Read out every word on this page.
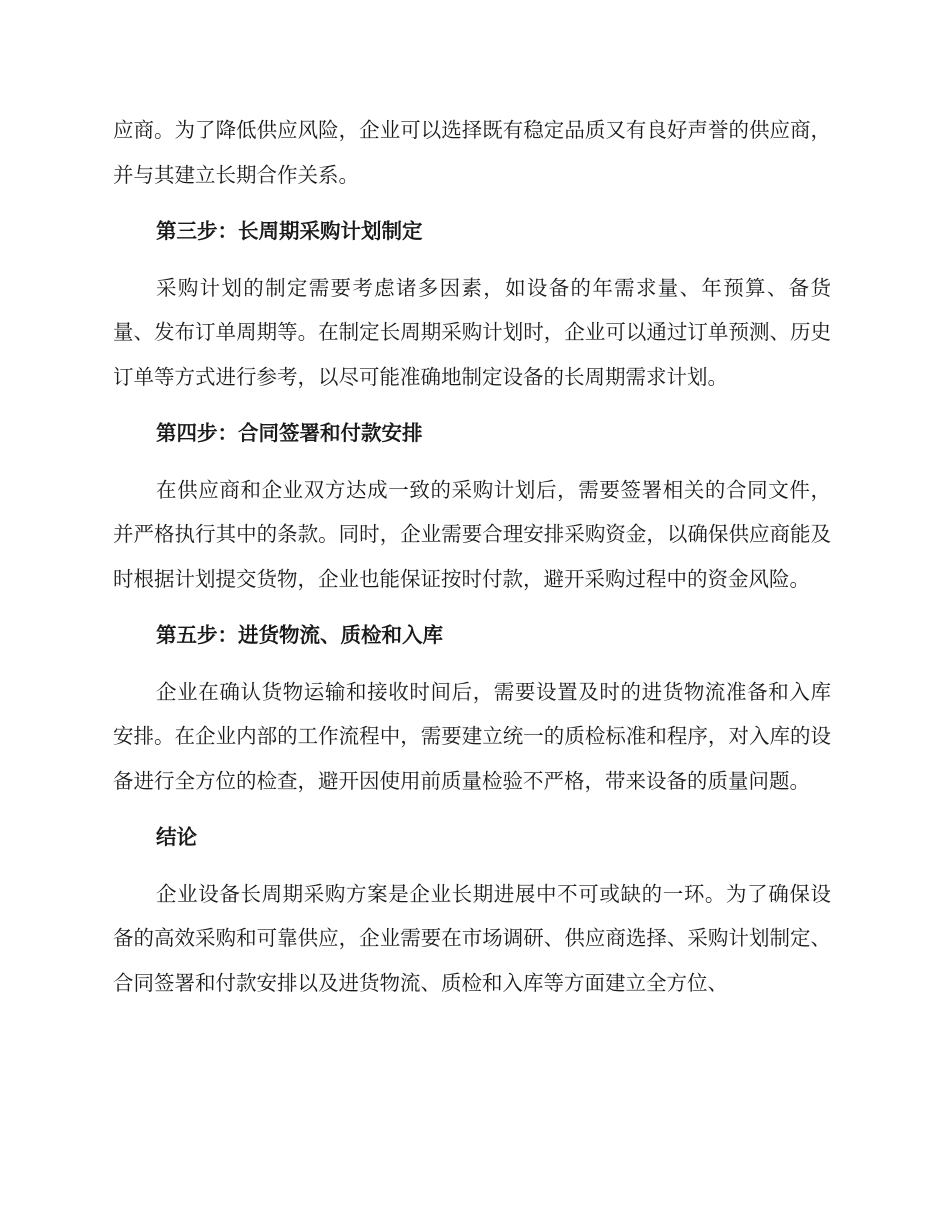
应商。为了降低供应风险，企业可以选择既有稳定品质又有良好声誉的供应商，并与其建立长期合作关系。

第三步：长周期采购计划制定

采购计划的制定需要考虑诸多因素，如设备的年需求量、年预算、备货量、发布订单周期等。在制定长周期采购计划时，企业可以通过订单预测、历史订单等方式进行参考，以尽可能准确地制定设备的长周期需求计划。

第四步：合同签署和付款安排

在供应商和企业双方达成一致的采购计划后，需要签署相关的合同文件，并严格执行其中的条款。同时，企业需要合理安排采购资金，以确保供应商能及时根据计划提交货物，企业也能保证按时付款，避开采购过程中的资金风险。

第五步：进货物流、质检和入库

企业在确认货物运输和接收时间后，需要设置及时的进货物流准备和入库安排。在企业内部的工作流程中，需要建立统一的质检标准和程序，对入库的设备进行全方位的检查，避开因使用前质量检验不严格，带来设备的质量问题。

结论

企业设备长周期采购方案是企业长期进展中不可或缺的一环。为了确保设备的高效采购和可靠供应，企业需要在市场调研、供应商选择、采购计划制定、合同签署和付款安排以及进货物流、质检和入库等方面建立全方位、
